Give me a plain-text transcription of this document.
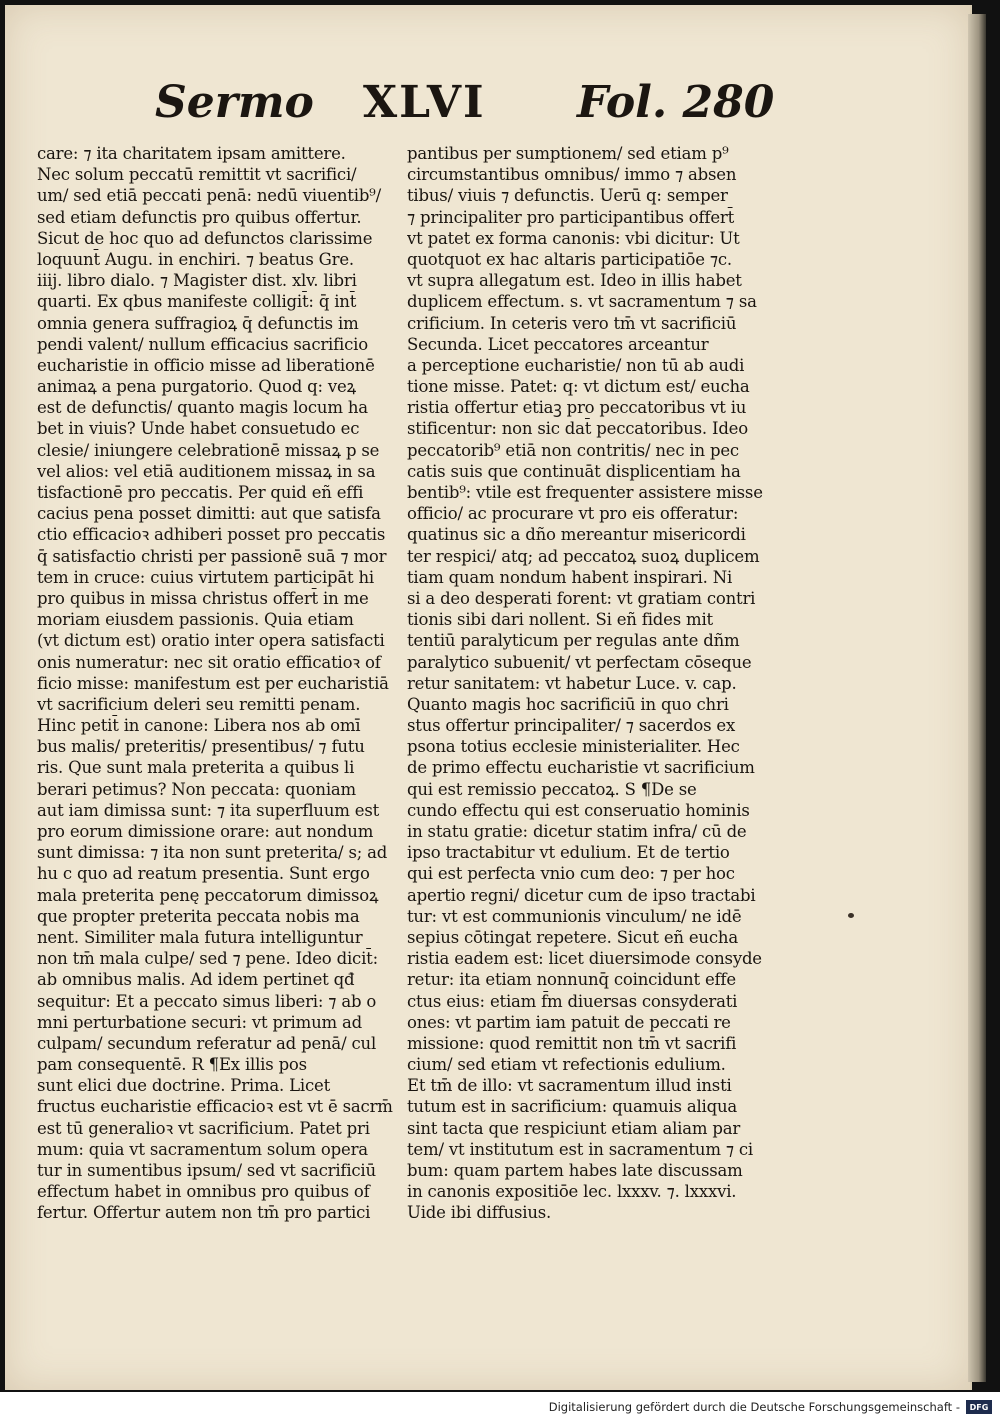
Sermo XLVI Fol. 280
care: ⁊ ita charitatem ipsam amittere.
Nec solum peccatū remittit vt sacrifici/
um/ sed etiā peccati penā: nedū viuentib⁹/
sed etiam defunctis pro quibus offertur.
Sicut de hoc quo ad defunctos clarissime
loquunt̄ Augu. in enchiri. ⁊ beatus Gre.
iiij. libro dialo. ⁊ Magister dist. xlv. libri
quarti. Ex qbus manifeste colligit̄: q̄ int̄
omnia genera suffragioꝝ q̄ defunctis im
pendi valent/ nullum efficacius sacrificio
eucharistie in officio misse ad liberationē
animaꝝ a pena purgatorio. Quod q: veꝝ
est de defunctis/ quanto magis locum ha
bet in viuis? Unde habet consuetudo ec
clesie/ iniungere celebrationē missaꝝ p se
vel alios: vel etiā auditionem missaꝝ in sa
tisfactionē pro peccatis. Per quid eñ effi
cacius pena posset dimitti: aut que satisfa
ctio efficacioꝛ adhiberi posset pro peccatis
q̄ satisfactio christi per passionē suā ⁊ mor
tem in cruce: cuius virtutem participāt hi
pro quibus in missa christus offert̄ in me
moriam eiusdem passionis. Quia etiam
(vt dictum est) oratio inter opera satisfacti
onis numeratur: nec sit oratio efficatioꝛ of
ficio misse: manifestum est per eucharistiā
vt sacrificium deleri seu remitti penam.
Hinc petit̄ in canone: Libera nos ab omī
bus malis/ preteritis/ presentibus/ ⁊ futu
ris. Que sunt mala preterita a quibus li
berari petimus? Non peccata: quoniam
aut iam dimissa sunt: ⁊ ita superfluum est
pro eorum dimissione orare: aut nondum
sunt dimissa: ⁊ ita non sunt preterita/ s; ad
hu c quo ad reatum presentia. Sunt ergo
mala preterita penę peccatorum dimissoꝝ
que propter preterita peccata nobis ma
nent. Similiter mala futura intelliguntur
non tm̄ mala culpe/ sed ⁊ pene. Ideo dicit̄:
ab omnibus malis. Ad idem pertinet qđ
sequitur: Et a peccato simus liberi: ⁊ ab o
mni perturbatione securi: vt primum ad
culpam/ secundum referatur ad penā/ cul
pam consequentē. R ¶Ex illis pos
sunt elici due doctrine. Prima. Licet
fructus eucharistie efficacioꝛ est vt ē sacrm̄
est tū generalioꝛ vt sacrificium. Patet pri
mum: quia vt sacramentum solum opera
tur in sumentibus ipsum/ sed vt sacrificiū
effectum habet in omnibus pro quibus of
fertur. Offertur autem non tm̄ pro partici
pantibus per sumptionem/ sed etiam p⁹
circumstantibus omnibus/ immo ⁊ absen
tibus/ viuis ⁊ defunctis. Uerū q: semper
⁊ principaliter pro participantibus offert̄
vt patet ex forma canonis: vbi dicitur: Ut
quotquot ex hac altaris participatiōe ⁊c.
vt supra allegatum est. Ideo in illis habet
duplicem effectum. s. vt sacramentum ⁊ sa
crificium. In ceteris vero tm̄ vt sacrificiū
Secunda. Licet peccatores arceantur
a perceptione eucharistie/ non tū ab audi
tione misse. Patet: q: vt dictum est/ eucha
ristia offertur etiaꝫ pro peccatoribus vt iu
stificentur: non sic dat̄ peccatoribus. Ideo
peccatorib⁹ etiā non contritis/ nec in pec
catis suis que continuāt displicentiam ha
bentib⁹: vtile est frequenter assistere misse
officio/ ac procurare vt pro eis offeratur:
quatinus sic a dño mereantur misericordi
ter respici/ atq; ad peccatoꝝ suoꝝ duplicem
tiam quam nondum habent inspirari. Ni
si a deo desperati forent: vt gratiam contri
tionis sibi dari nollent. Si eñ fides mit
tentiū paralyticum per regulas ante dñm
paralytico subuenit/ vt perfectam cōseque
retur sanitatem: vt habetur Luce. v. cap.
Quanto magis hoc sacrificiū in quo chri
stus offertur principaliter/ ⁊ sacerdos ex
psona totius ecclesie ministerialiter. Hec
de primo effectu eucharistie vt sacrificium
qui est remissio peccatoꝝ. S ¶De se
cundo effectu qui est conseruatio hominis
in statu gratie: dicetur statim infra/ cū de
ipso tractabitur vt edulium. Et de tertio
qui est perfecta vnio cum deo: ⁊ per hoc
apertio regni/ dicetur cum de ipso tractabi
tur: vt est communionis vinculum/ ne idē
sepius cōtingat repetere. Sicut eñ eucha
ristia eadem est: licet diuersimode consyde
retur: ita etiam nonnunq̄ coincidunt effe
ctus eius: etiam f̄m diuersas consyderati
ones: vt partim iam patuit de peccati re
missione: quod remittit non tm̄ vt sacrifi
cium/ sed etiam vt refectionis edulium.
Et tm̄ de illo: vt sacramentum illud insti
tutum est in sacrificium: quamuis aliqua
sint tacta que respiciunt etiam aliam par
tem/ vt institutum est in sacramentum ⁊ ci
bum: quam partem habes late discussam
in canonis expositiōe lec. lxxxv. ⁊. lxxxvi.
Uide ibi diffusius.
Digitalisierung gefördert durch die Deutsche Forschungsgemeinschaft -	DFG
